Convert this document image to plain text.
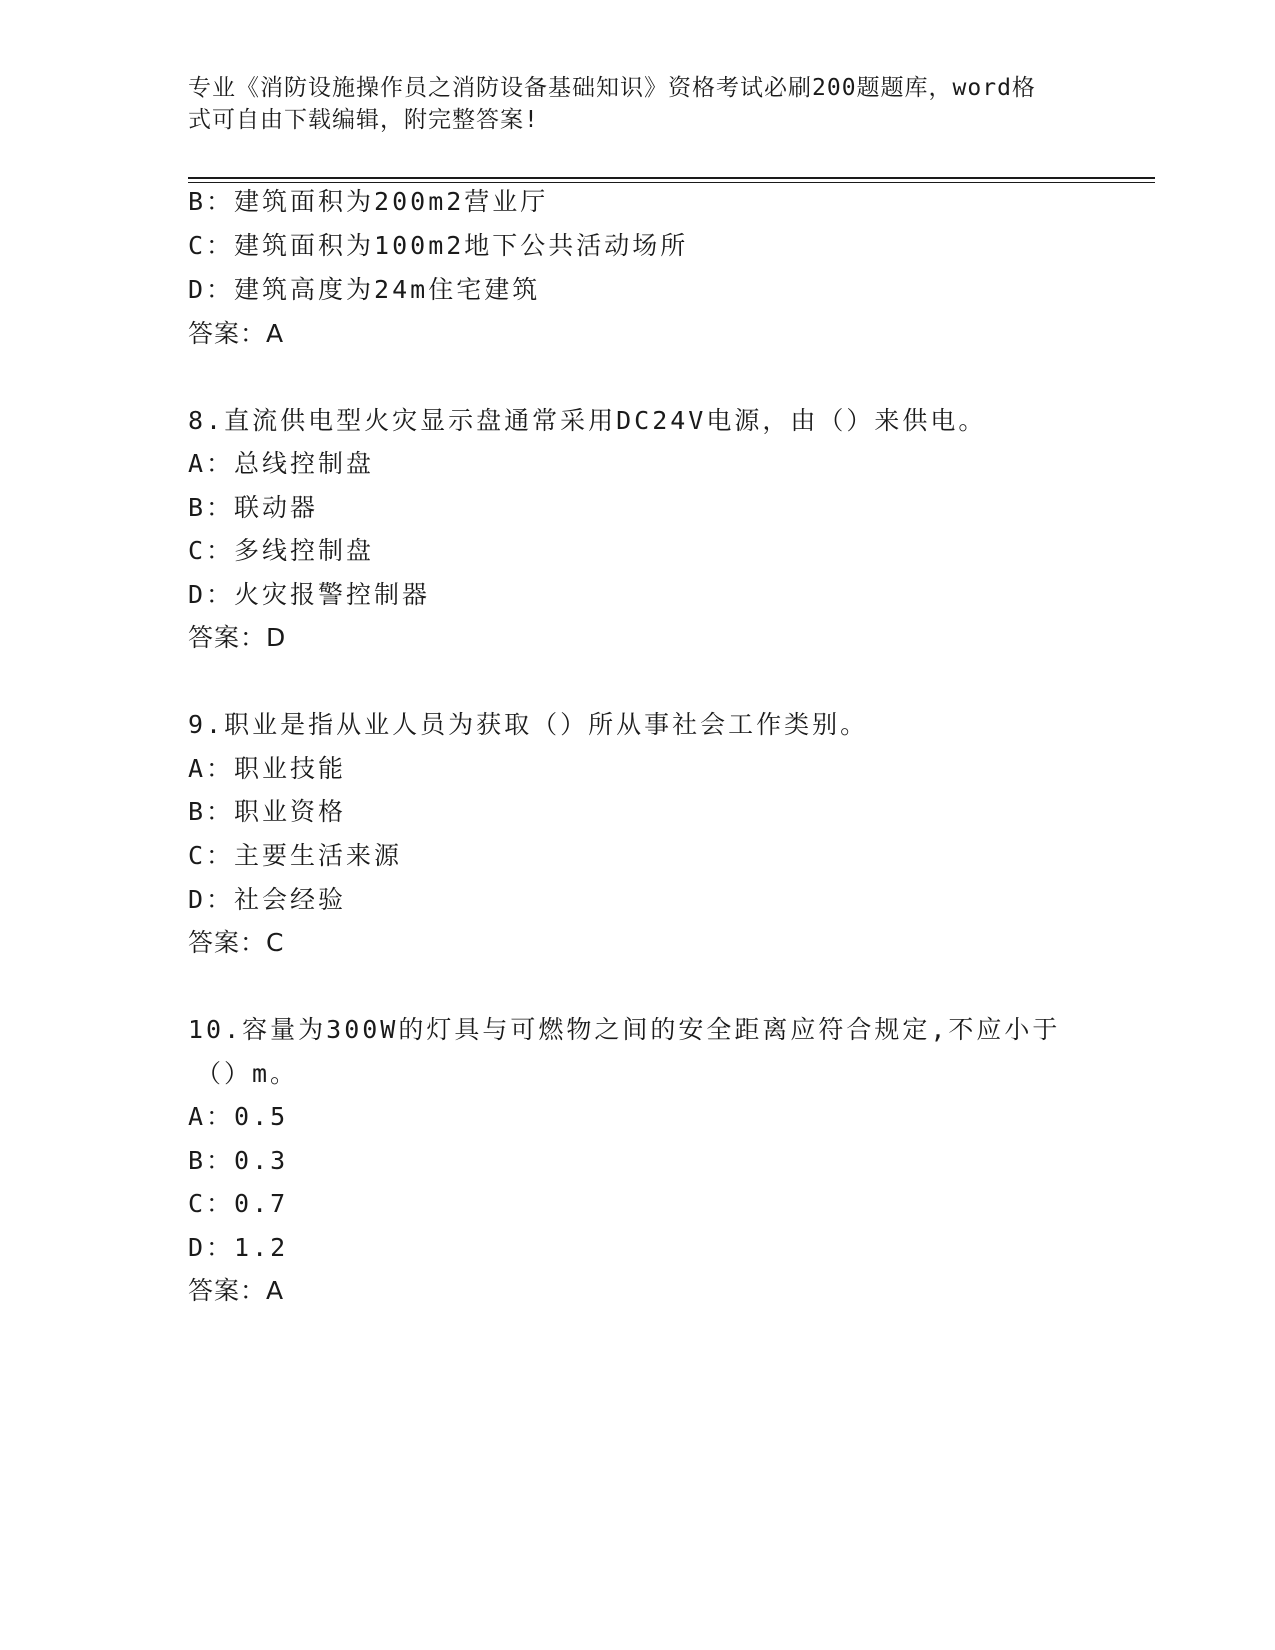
专业《消防设施操作员之消防设备基础知识》资格考试必刷200题题库，word格
式可自由下载编辑，附完整答案!
B：建筑面积为200m2营业厅
C：建筑面积为100m2地下公共活动场所
D：建筑高度为24m住宅建筑
答案：A
8.直流供电型火灾显示盘通常采用DC24V电源，由（）来供电。
A：总线控制盘
B：联动器
C：多线控制盘
D：火灾报警控制器
答案：D
9.职业是指从业人员为获取（）所从事社会工作类别。
A：职业技能
B：职业资格
C：主要生活来源
D：社会经验
答案：C
10.容量为300W的灯具与可燃物之间的安全距离应符合规定,不应小于
（）m。
A：0.5
B：0.3
C：0.7
D：1.2
答案：A
